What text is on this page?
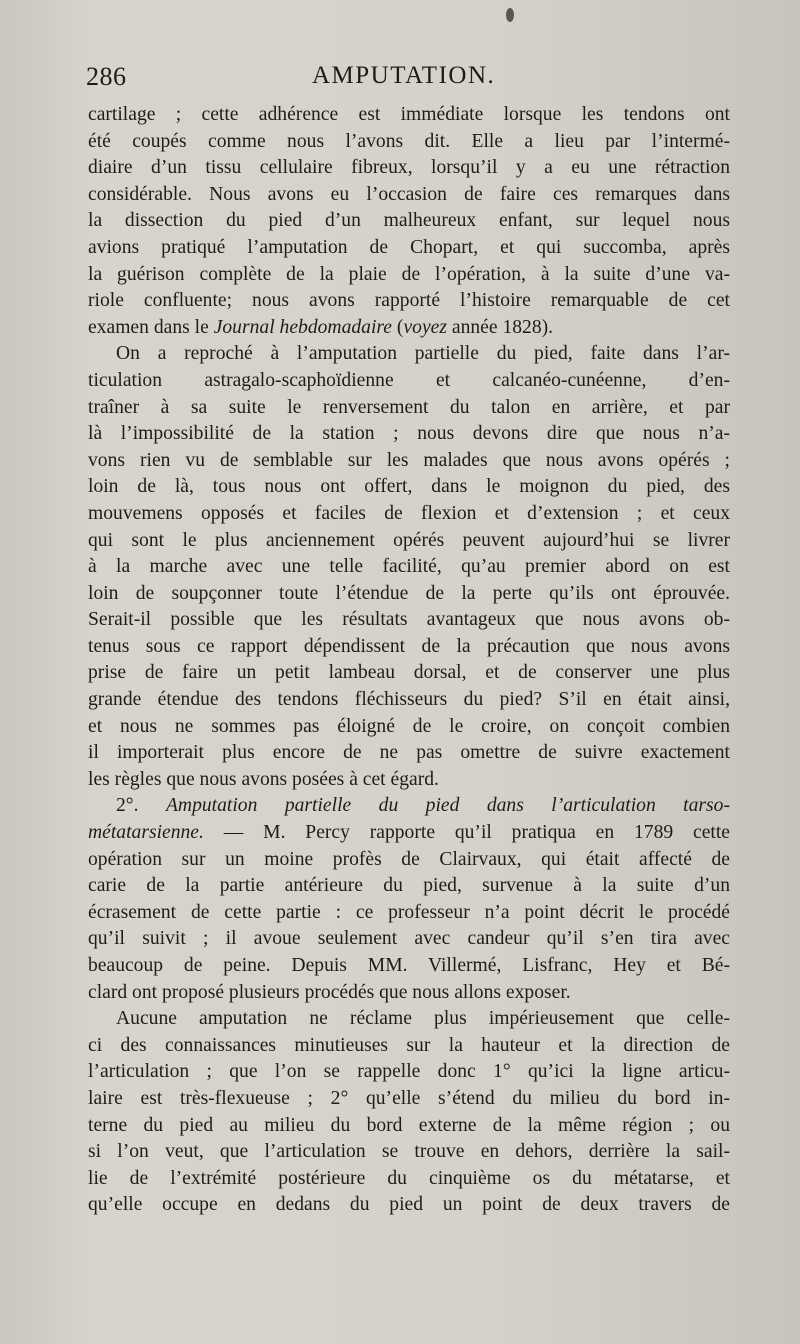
286	AMPUTATION.
cartilage ; cette adhérence est immédiate lorsque les tendons ont
été coupés comme nous l’avons dit. Elle a lieu par l’intermé-
diaire d’un tissu cellulaire fibreux, lorsqu’il y a eu une rétraction
considérable. Nous avons eu l’occasion de faire ces remarques dans
la dissection du pied d’un malheureux enfant, sur lequel nous
avions pratiqué l’amputation de Chopart, et qui succomba, après
la guérison complète de la plaie de l’opération, à la suite d’une va-
riole confluente; nous avons rapporté l’histoire remarquable de cet
examen dans le Journal hebdomadaire (voyez année 1828).
On a reproché à l’amputation partielle du pied, faite dans l’ar-
ticulation astragalo-scaphoïdienne et calcanéo-cunéenne, d’en-
traîner à sa suite le renversement du talon en arrière, et par
là l’impossibilité de la station ; nous devons dire que nous n’a-
vons rien vu de semblable sur les malades que nous avons opérés ;
loin de là, tous nous ont offert, dans le moignon du pied, des
mouvemens opposés et faciles de flexion et d’extension ; et ceux
qui sont le plus anciennement opérés peuvent aujourd’hui se livrer
à la marche avec une telle facilité, qu’au premier abord on est
loin de soupçonner toute l’étendue de la perte qu’ils ont éprouvée.
Serait-il possible que les résultats avantageux que nous avons ob-
tenus sous ce rapport dépendissent de la précaution que nous avons
prise de faire un petit lambeau dorsal, et de conserver une plus
grande étendue des tendons fléchisseurs du pied? S’il en était ainsi,
et nous ne sommes pas éloigné de le croire, on conçoit combien
il importerait plus encore de ne pas omettre de suivre exactement
les règles que nous avons posées à cet égard.
2°. Amputation partielle du pied dans l’articulation tarso-
métatarsienne. — M. Percy rapporte qu’il pratiqua en 1789 cette
opération sur un moine profès de Clairvaux, qui était affecté de
carie de la partie antérieure du pied, survenue à la suite d’un
écrasement de cette partie : ce professeur n’a point décrit le procédé
qu’il suivit ; il avoue seulement avec candeur qu’il s’en tira avec
beaucoup de peine. Depuis MM. Villermé, Lisfranc, Hey et Bé-
clard ont proposé plusieurs procédés que nous allons exposer.
Aucune amputation ne réclame plus impérieusement que celle-
ci des connaissances minutieuses sur la hauteur et la direction de
l’articulation ; que l’on se rappelle donc 1° qu’ici la ligne articu-
laire est très-flexueuse ; 2° qu’elle s’étend du milieu du bord in-
terne du pied au milieu du bord externe de la même région ; ou
si l’on veut, que l’articulation se trouve en dehors, derrière la sail-
lie de l’extrémité postérieure du cinquième os du métatarse, et
qu’elle occupe en dedans du pied un point de deux travers de
